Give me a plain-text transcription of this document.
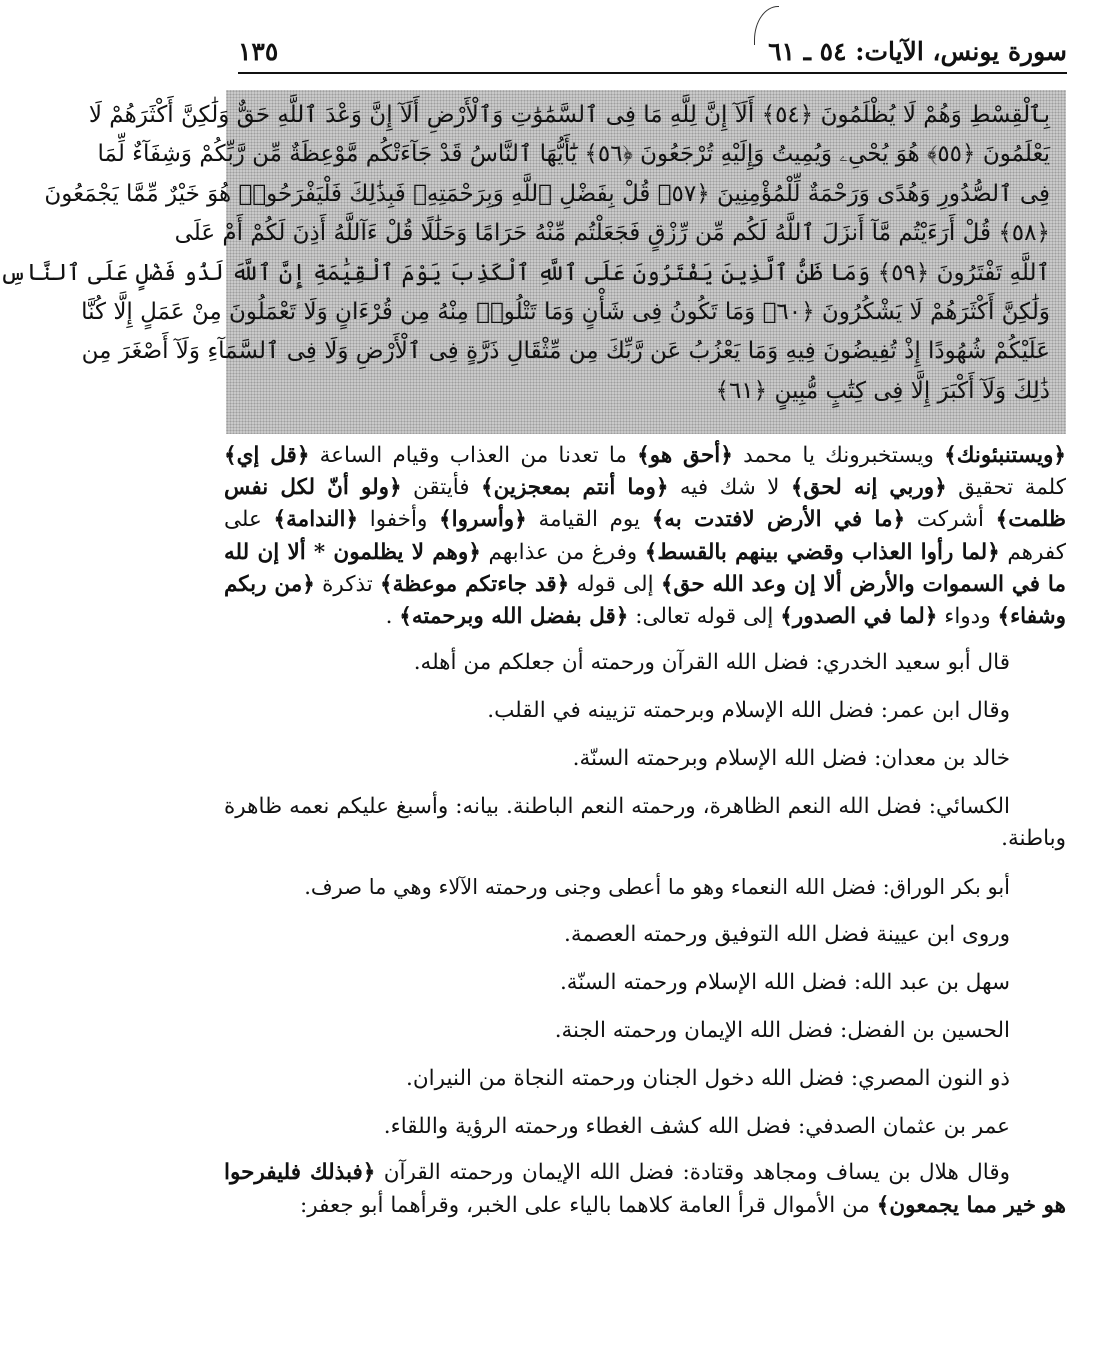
سورة يونس، الآيات: ٥٤ ـ ٦١
١٣٥
بِٱلْقِسْطِ وَهُمْ لَا يُظْلَمُونَ ﴿٥٤﴾ أَلَآ إِنَّ لِلَّهِ مَا فِى ٱلسَّمَٰوَٰتِ وَٱلْأَرْضِ أَلَآ إِنَّ وَعْدَ ٱللَّهِ حَقٌّ وَلَٰكِنَّ أَكْثَرَهُمْ لَا
يَعْلَمُونَ ﴿٥٥﴾ هُوَ يُحْىِۦ وَيُمِيتُ وَإِلَيْهِ تُرْجَعُونَ ﴿٥٦﴾ يَٰٓأَيُّهَا ٱلنَّاسُ قَدْ جَآءَتْكُم مَّوْعِظَةٌ مِّن رَّبِّكُمْ وَشِفَآءٌ لِّمَا
فِى ٱلصُّدُورِ وَهُدًى وَرَحْمَةٌ لِّلْمُؤْمِنِينَ ﴿٥٧﴾ قُلْ بِفَضْلِ ٱللَّهِ وَبِرَحْمَتِهِۦ فَبِذَٰلِكَ فَلْيَفْرَحُوا۟ هُوَ خَيْرٌ مِّمَّا يَجْمَعُونَ
﴿٥٨﴾ قُلْ أَرَءَيْتُم مَّآ أَنزَلَ ٱللَّهُ لَكُم مِّن رِّزْقٍ فَجَعَلْتُم مِّنْهُ حَرَامًا وَحَلَٰلًا قُلْ ءَآللَّهُ أَذِنَ لَكُمْ أَمْ عَلَى
ٱللَّهِ تَفْتَرُونَ ﴿٥٩﴾ وَمَا ظَنُّ ٱلَّذِينَ يَفْتَرُونَ عَلَى ٱللَّهِ ٱلْكَذِبَ يَوْمَ ٱلْقِيَٰمَةِ إِنَّ ٱللَّهَ لَذُو فَضْلٍ عَلَى ٱلنَّاسِ
وَلَٰكِنَّ أَكْثَرَهُمْ لَا يَشْكُرُونَ ﴿٦٠﴾ وَمَا تَكُونُ فِى شَأْنٍ وَمَا تَتْلُوا۟ مِنْهُ مِن قُرْءَانٍ وَلَا تَعْمَلُونَ مِنْ عَمَلٍ إِلَّا كُنَّا
عَلَيْكُمْ شُهُودًا إِذْ تُفِيضُونَ فِيهِ وَمَا يَعْزُبُ عَن رَّبِّكَ مِن مِّثْقَالِ ذَرَّةٍ فِى ٱلْأَرْضِ وَلَا فِى ٱلسَّمَآءِ وَلَآ أَصْغَرَ مِن
ذَٰلِكَ وَلَآ أَكْبَرَ إِلَّا فِى كِتَٰبٍ مُّبِينٍ ﴿٦١﴾

﴿ويستنبئونك﴾ ويستخبرونك يا محمد ﴿أحق هو﴾ ما تعدنا من العذاب وقيام الساعة ﴿قل إي﴾ كلمة تحقيق ﴿وربي إنه لحق﴾ لا شك فيه ﴿وما أنتم بمعجزين﴾ فأيتقن ﴿ولو أنّ لكل نفس ظلمت﴾ أشركت ﴿ما في الأرض لافتدت به﴾ يوم القيامة ﴿وأسروا﴾ وأخفوا ﴿الندامة﴾ على كفرهم ﴿لما رأوا العذاب وقضي بينهم بالقسط﴾ وفرغ من عذابهم ﴿وهم لا يظلمون * ألا إن لله ما في السموات والأرض ألا إن وعد الله حق﴾ إلى قوله ﴿قد جاءتكم موعظة﴾ تذكرة ﴿من ربكم وشفاء﴾ ودواء ﴿لما في الصدور﴾ إلى قوله تعالى: ﴿قل بفضل الله وبرحمته﴾ .

قال أبو سعيد الخدري: فضل الله القرآن ورحمته أن جعلكم من أهله.
وقال ابن عمر: فضل الله الإسلام وبرحمته تزيينه في القلب.
خالد بن معدان: فضل الله الإسلام وبرحمته السنّة.
الكسائي: فضل الله النعم الظاهرة، ورحمته النعم الباطنة. بيانه: وأسبغ عليكم نعمه ظاهرة وباطنة.
أبو بكر الوراق: فضل الله النعماء وهو ما أعطى وجنى ورحمته الآلاء وهي ما صرف.
وروى ابن عيينة فضل الله التوفيق ورحمته العصمة.
سهل بن عبد الله: فضل الله الإسلام ورحمته السنّة.
الحسين بن الفضل: فضل الله الإيمان ورحمته الجنة.
ذو النون المصري: فضل الله دخول الجنان ورحمته النجاة من النيران.
عمر بن عثمان الصدفي: فضل الله كشف الغطاء ورحمته الرؤية واللقاء.

وقال هلال بن يساف ومجاهد وقتادة: فضل الله الإيمان ورحمته القرآن ﴿فبذلك فليفرحوا هو خير مما يجمعون﴾ من الأموال قرأ العامة كلاهما بالياء على الخبر، وقرأهما أبو جعفر:
